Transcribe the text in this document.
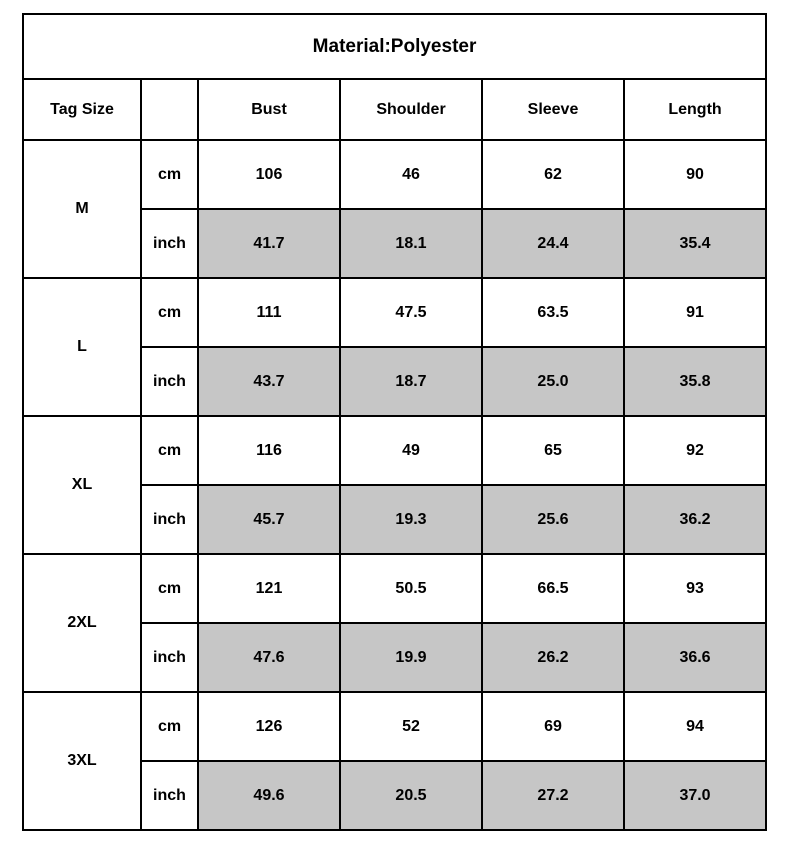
Material:Polyester					
Tag Size		Bust	Shoulder	Sleeve	Length
M	cm	106	46	62	90
	inch	41.7	18.1	24.4	35.4
L	cm	111	47.5	63.5	91
	inch	43.7	18.7	25.0	35.8
XL	cm	116	49	65	92
	inch	45.7	19.3	25.6	36.2
2XL	cm	121	50.5	66.5	93
	inch	47.6	19.9	26.2	36.6
3XL	cm	126	52	69	94
	inch	49.6	20.5	27.2	37.0
